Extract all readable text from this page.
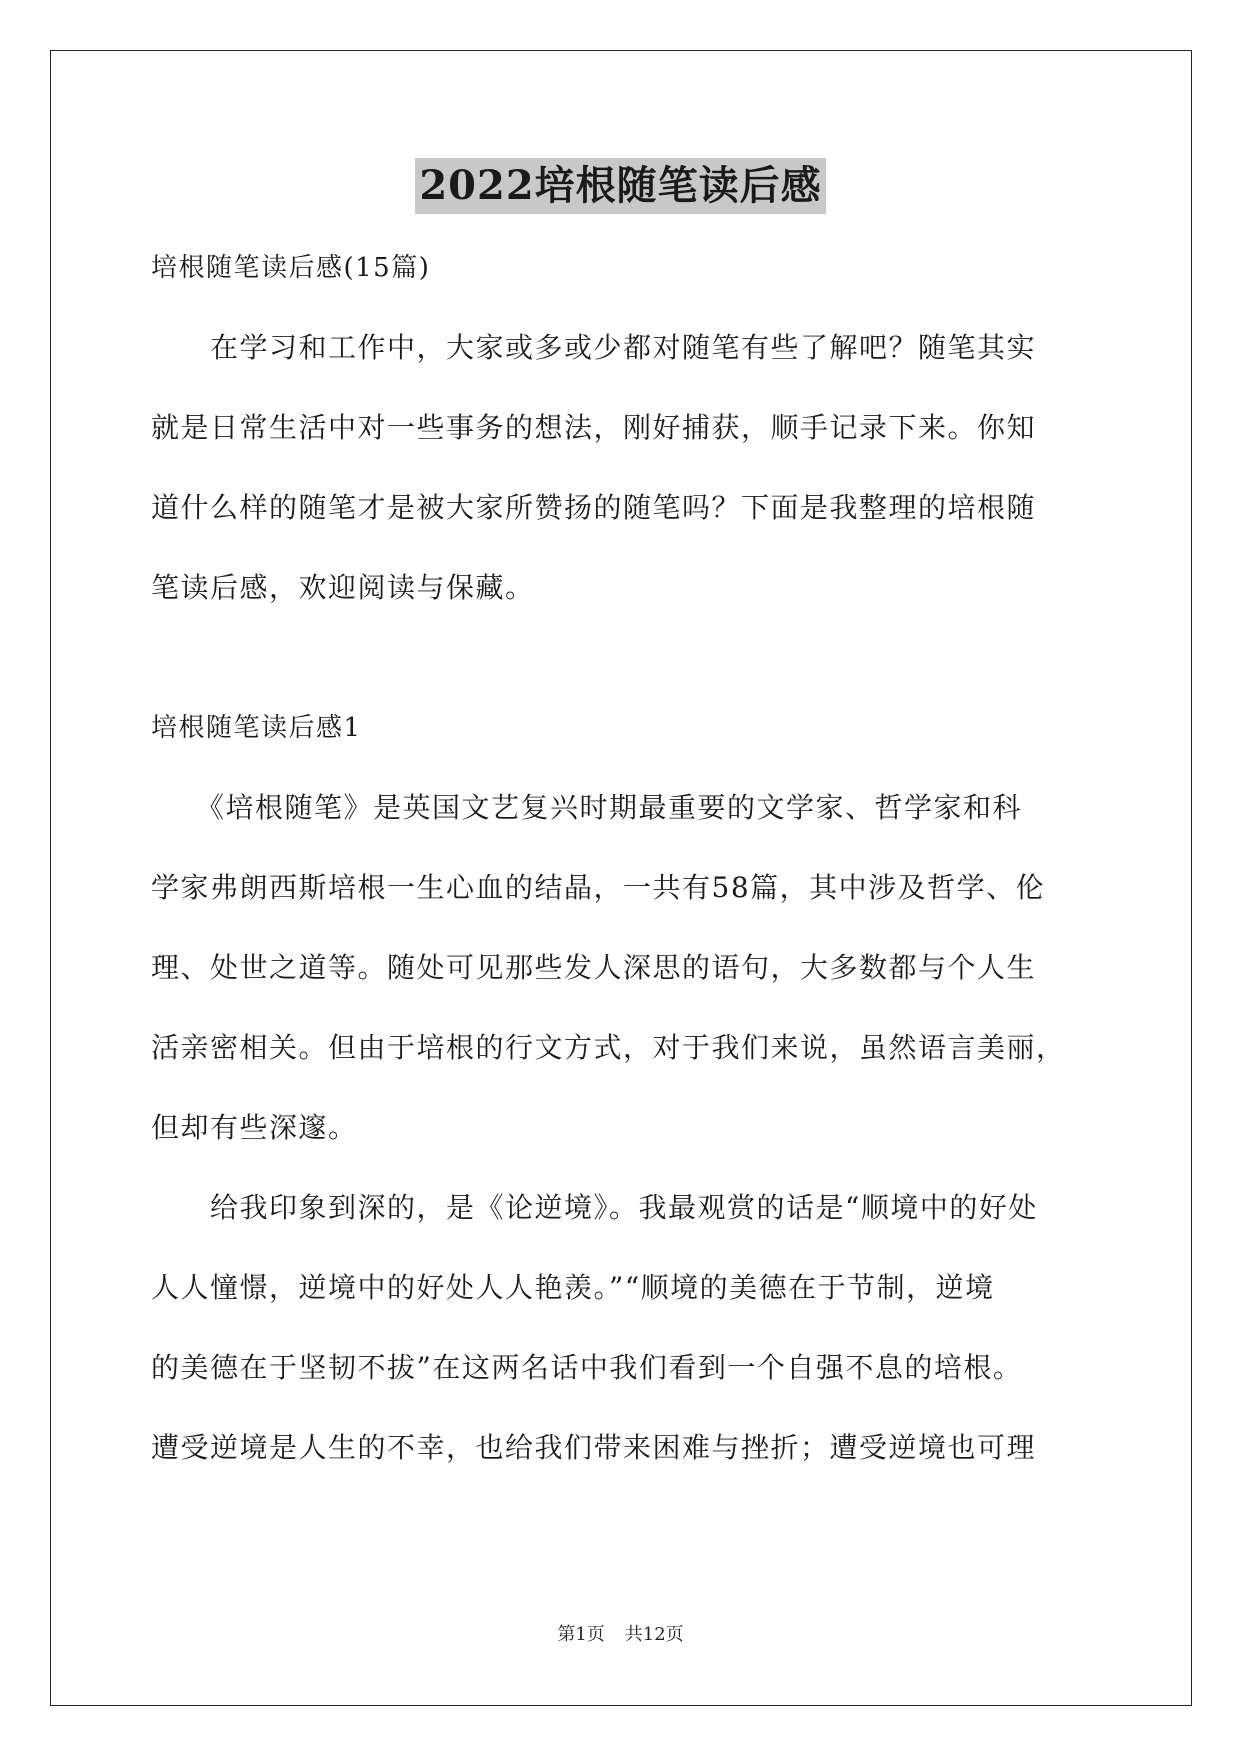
2022培根随笔读后感
培根随笔读后感(15篇)
　　在学习和工作中，大家或多或少都对随笔有些了解吧？随笔其实
就是日常生活中对一些事务的想法，刚好捕获，顺手记录下来。你知
道什么样的随笔才是被大家所赞扬的随笔吗？下面是我整理的培根随
笔读后感，欢迎阅读与保藏。
培根随笔读后感1
　　《培根随笔》是英国文艺复兴时期最重要的文学家、哲学家和科
学家弗朗西斯培根一生心血的结晶，一共有58篇，其中涉及哲学、伦
理、处世之道等。随处可见那些发人深思的语句，大多数都与个人生
活亲密相关。但由于培根的行文方式，对于我们来说，虽然语言美丽，
但却有些深邃。
　　给我印象到深的，是《论逆境》。我最观赏的话是“顺境中的好处
人人憧憬，逆境中的好处人人艳羡。”“顺境的美德在于节制，逆境
的美德在于坚韧不拔”在这两名话中我们看到一个自强不息的培根。
遭受逆境是人生的不幸，也给我们带来困难与挫折；遭受逆境也可理
第1页 共12页
